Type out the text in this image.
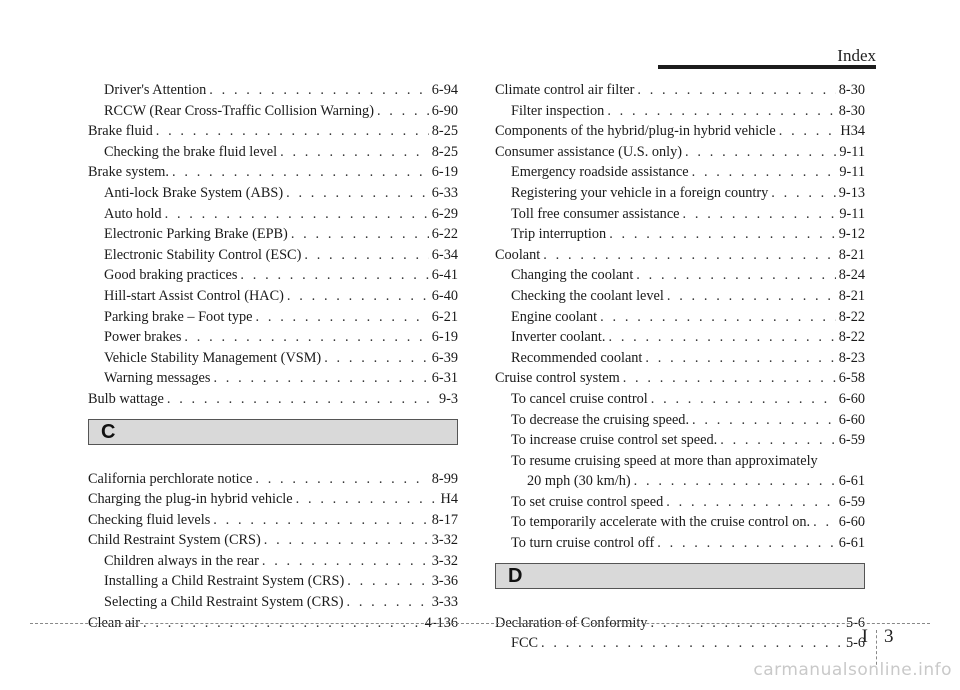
Index
Driver's Attention . . .	6-94
RCCW (Rear Cross-Traffic Collision Warning) . . .	6-90
Brake fluid . . .	8-25
Checking the brake fluid level . . .	8-25
Brake system. . . .	6-19
Anti-lock Brake System (ABS) . . .	6-33
Auto hold . . .	6-29
Electronic Parking Brake (EPB) . . .	6-22
Electronic Stability Control (ESC) . . .	6-34
Good braking practices . . .	6-41
Hill-start Assist Control (HAC) . . .	6-40
Parking brake – Foot type . . .	6-21
Power brakes . . .	6-19
Vehicle Stability Management (VSM) . . .	6-39
Warning messages . . .	6-31
Bulb wattage . . .	9-3
C
California perchlorate notice . . .	8-99
Charging the plug-in hybrid vehicle . . .	H4
Checking fluid levels . . .	8-17
Child Restraint System (CRS) . . .	3-32
Children always in the rear . . .	3-32
Installing a Child Restraint System (CRS) . . .	3-36
Selecting a Child Restraint System (CRS) . . .	3-33
Clean air . . .	4-136
Climate control air filter . . .	8-30
Filter inspection . . .	8-30
Components of the hybrid/plug-in hybrid vehicle . . .	H34
Consumer assistance (U.S. only) . . .	9-11
Emergency roadside assistance . . .	9-11
Registering your vehicle in a foreign country . . .	9-13
Toll free consumer assistance . . .	9-11
Trip interruption . . .	9-12
Coolant . . .	8-21
Changing the coolant . . .	8-24
Checking the coolant level . . .	8-21
Engine coolant . . .	8-22
Inverter coolant. . . .	8-22
Recommended coolant . . .	8-23
Cruise control system . . .	6-58
To cancel cruise control . . .	6-60
To decrease the cruising speed. . . .	6-60
To increase cruise control set speed. . . .	6-59
To resume cruising speed at more than approximately
20 mph (30 km/h) . . .	6-61
To set cruise control speed . . .	6-59
To temporarily accelerate with the cruise control on. . . . 6-60
To turn cruise control off . . .	6-61
D
Declaration of Conformity . . .	5-6
FCC . . .	5-6
I 3
carmanualsonline.info
